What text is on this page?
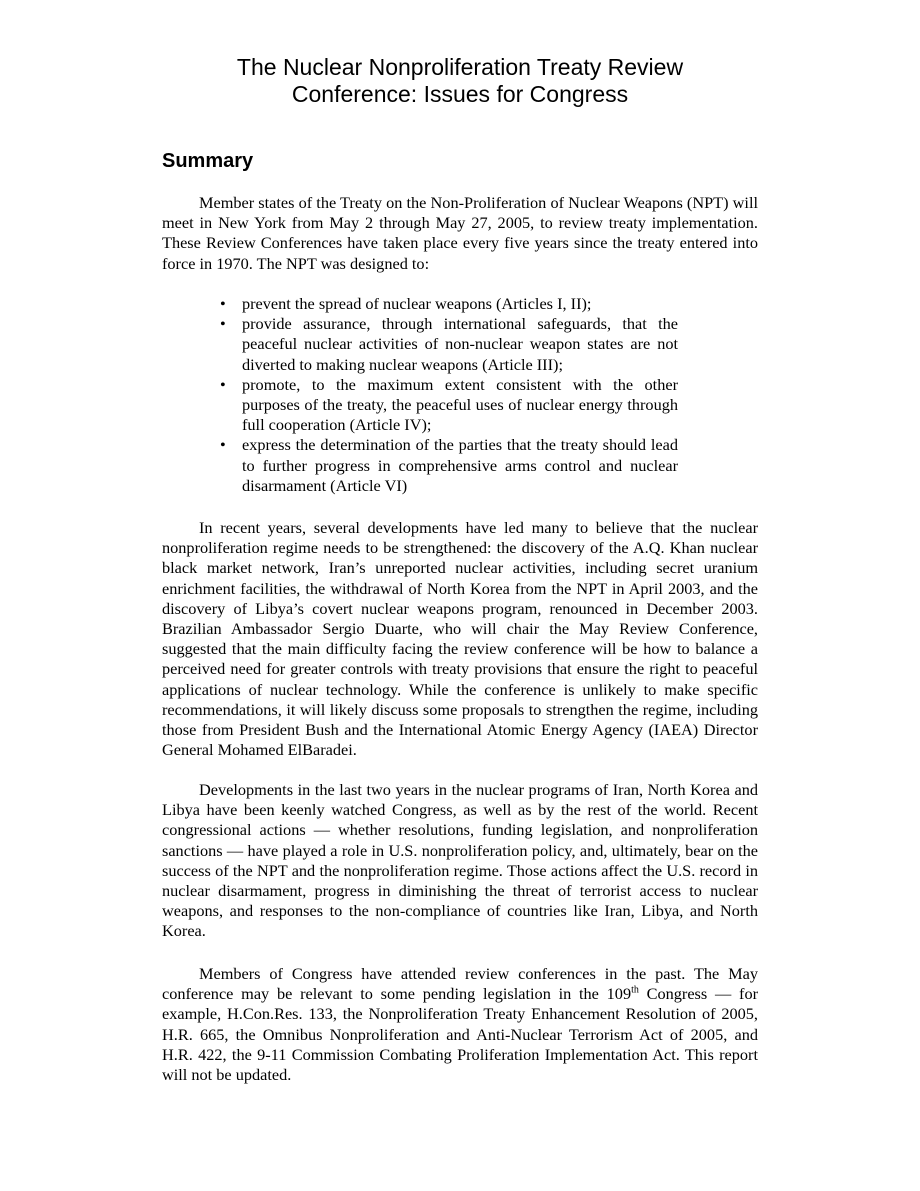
The Nuclear Nonproliferation Treaty Review
Conference: Issues for Congress
Summary

Member states of the Treaty on the Non-Proliferation of Nuclear Weapons (NPT) will meet in New York from May 2 through May 27, 2005, to review treaty implementation. These Review Conferences have taken place every five years since the treaty entered into force in 1970. The NPT was designed to:

• prevent the spread of nuclear weapons (Articles I, II);
• provide assurance, through international safeguards, that the peaceful nuclear activities of non-nuclear weapon states are not diverted to making nuclear weapons (Article III);
• promote, to the maximum extent consistent with the other purposes of the treaty, the peaceful uses of nuclear energy through full cooperation (Article IV);
• express the determination of the parties that the treaty should lead to further progress in comprehensive arms control and nuclear disarmament (Article VI)

In recent years, several developments have led many to believe that the nuclear nonproliferation regime needs to be strengthened: the discovery of the A.Q. Khan nuclear black market network, Iran’s unreported nuclear activities, including secret uranium enrichment facilities, the withdrawal of North Korea from the NPT in April 2003, and the discovery of Libya’s covert nuclear weapons program, renounced in December 2003. Brazilian Ambassador Sergio Duarte, who will chair the May Review Conference, suggested that the main difficulty facing the review conference will be how to balance a perceived need for greater controls with treaty provisions that ensure the right to peaceful applications of nuclear technology. While the conference is unlikely to make specific recommendations, it will likely discuss some proposals to strengthen the regime, including those from President Bush and the International Atomic Energy Agency (IAEA) Director General Mohamed ElBaradei.

Developments in the last two years in the nuclear programs of Iran, North Korea and Libya have been keenly watched Congress, as well as by the rest of the world. Recent congressional actions — whether resolutions, funding legislation, and nonproliferation sanctions — have played a role in U.S. nonproliferation policy, and, ultimately, bear on the success of the NPT and the nonproliferation regime. Those actions affect the U.S. record in nuclear disarmament, progress in diminishing the threat of terrorist access to nuclear weapons, and responses to the non-compliance of countries like Iran, Libya, and North Korea.

Members of Congress have attended review conferences in the past. The May conference may be relevant to some pending legislation in the 109th Congress — for example, H.Con.Res. 133, the Nonproliferation Treaty Enhancement Resolution of 2005, H.R. 665, the Omnibus Nonproliferation and Anti-Nuclear Terrorism Act of 2005, and H.R. 422, the 9-11 Commission Combating Proliferation Implementation Act. This report will not be updated.
